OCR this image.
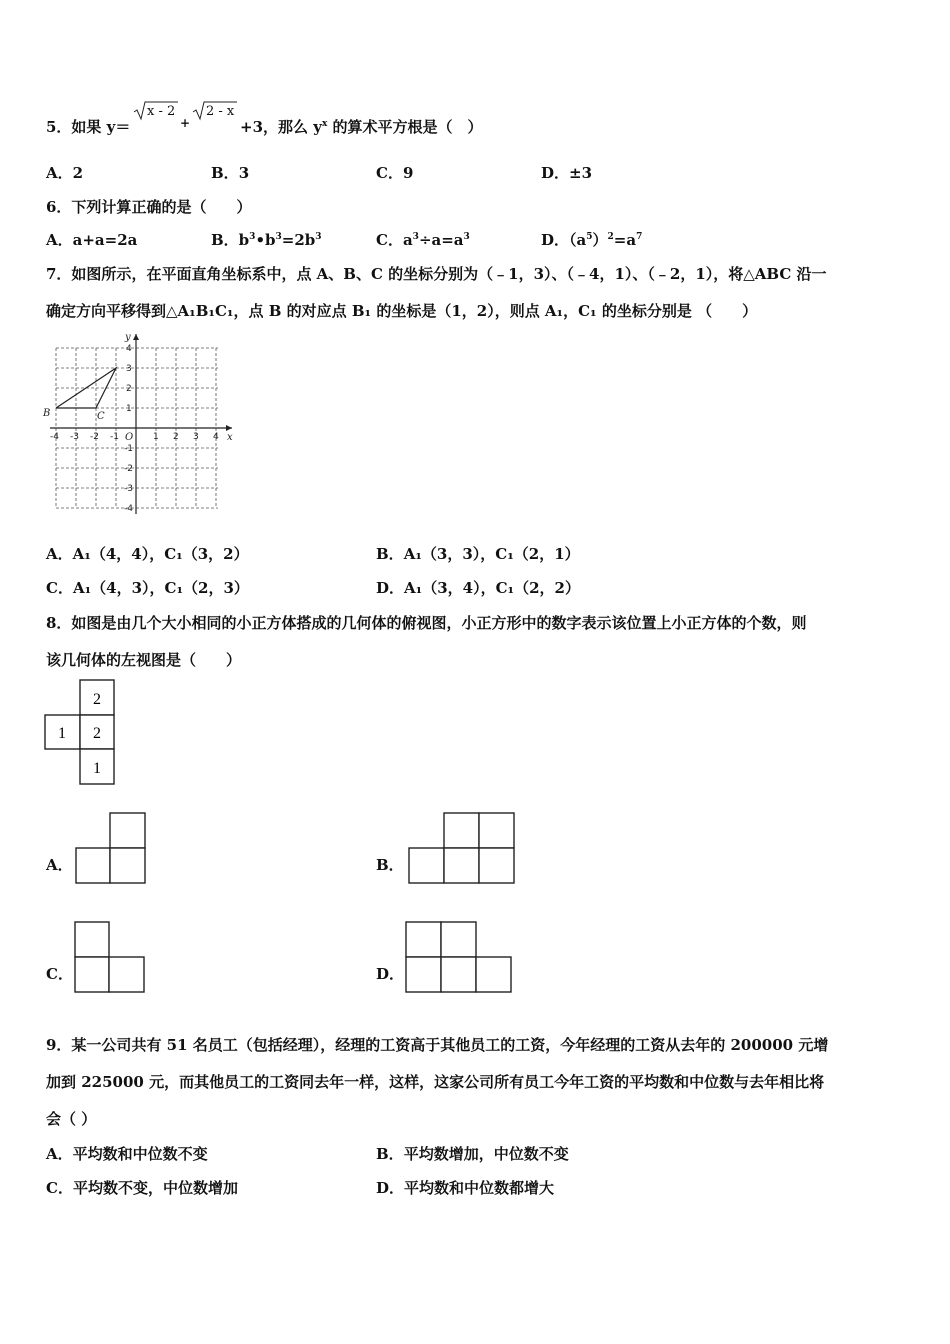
5．如果 y＝
x - 2
+
2 - x
+3，那么 $y^x$ 的算术平方根是（　）
A．2	B．3	C．9	D．±3
6．下列计算正确的是（　　）
A．a+a=2a	B．$b^3•b^3=2b^3$	C．$a^3\div a=a^3$	D．$(a^5)^2=a^7$
7．如图所示，在平面直角坐标系中，点 A、B、C 的坐标分别为（﹣1，3）、（﹣4，1）、（﹣2，1），将△ABC 沿一
确定方向平移得到△A₁B₁C₁，点 B 的对应点 B₁ 的坐标是（1，2），则点 A₁，C₁ 的坐标分别是 （　　）
x
y
O
B	C
-4 -3 -2 -1	1 2 3 4
4
3
2
1
-1
-2
-3
-4
A．A₁（4，4），C₁（3，2）	B．A₁（3，3），C₁（2，1）
C．A₁（4，3），C₁（2，3）	D．A₁（3，4），C₁（2，2）
8．如图是由几个大小相同的小正方体搭成的几何体的俯视图，小正方形中的数字表示该位置上小正方体的个数，则
该几何体的左视图是（　　）
2
1 2
1
A．	B．
C．	D．
9．某一公司共有 51 名员工（包括经理），经理的工资高于其他员工的工资，今年经理的工资从去年的 200000 元增
加到 225000 元，而其他员工的工资同去年一样，这样，这家公司所有员工今年工资的平均数和中位数与去年相比将
会（ ）
A．平均数和中位数不变	B．平均数增加，中位数不变
C．平均数不变，中位数增加	D．平均数和中位数都增大
